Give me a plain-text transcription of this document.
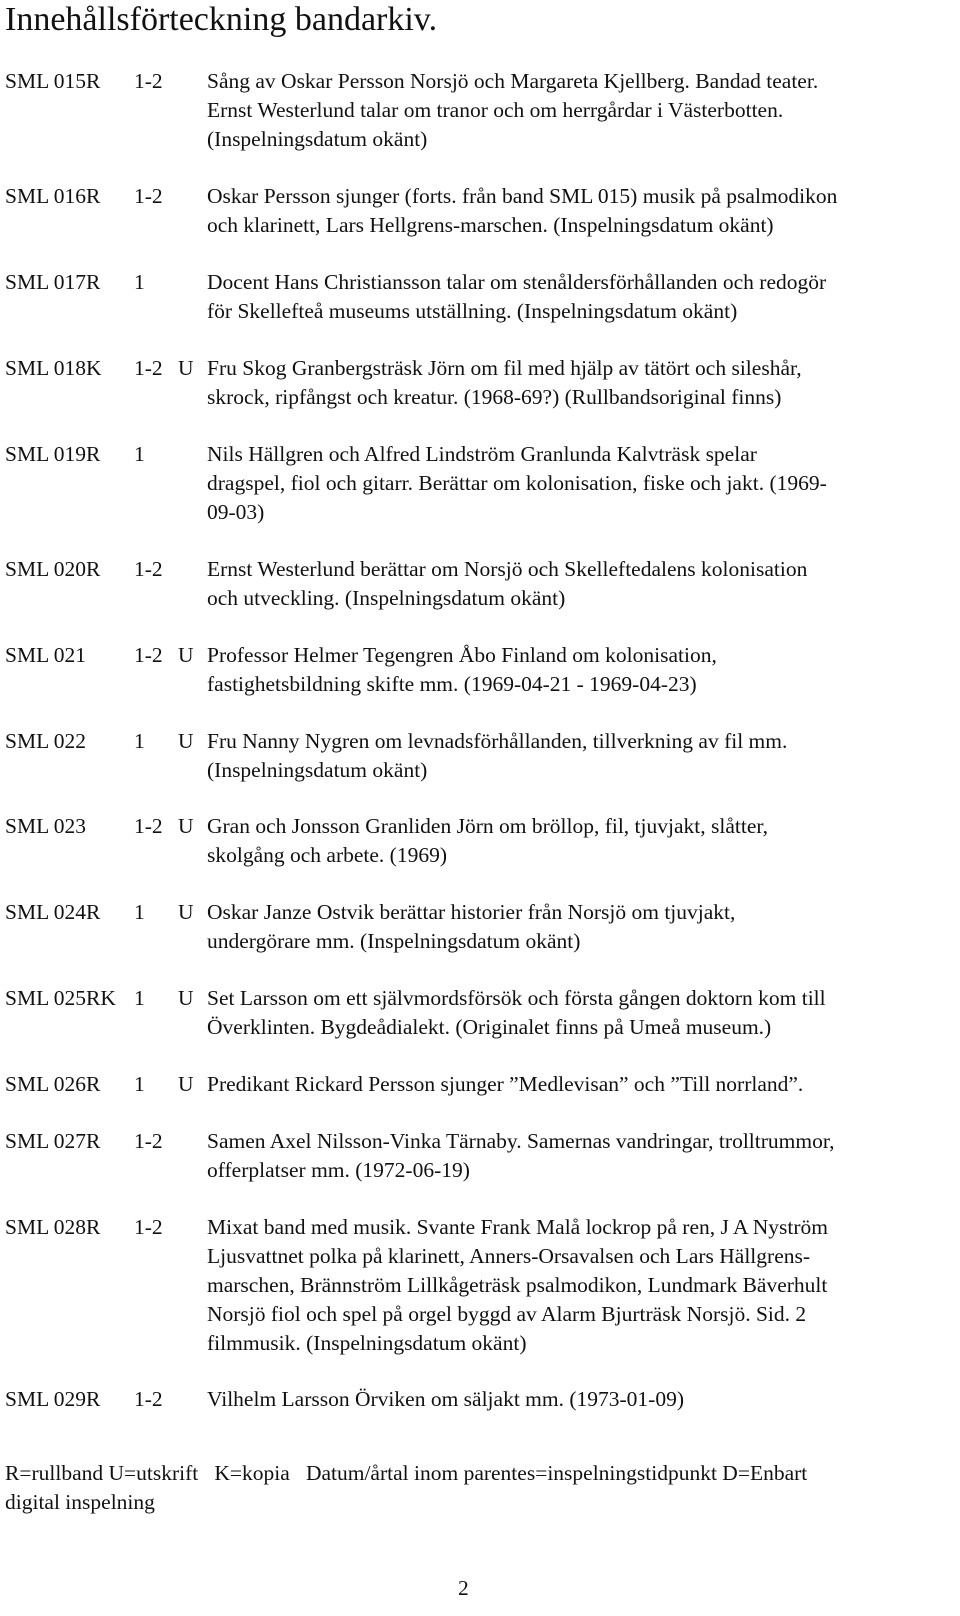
Innehållsförteckning bandarkiv.
SML 015R 1-2 Sång av Oskar Persson Norsjö och Margareta Kjellberg. Bandad teater.
Ernst Westerlund talar om tranor och om herrgårdar i Västerbotten.
(Inspelningsdatum okänt)
SML 016R 1-2 Oskar Persson sjunger (forts. från band SML 015) musik på psalmodikon
och klarinett, Lars Hellgrens-marschen. (Inspelningsdatum okänt)
SML 017R 1	Docent Hans Christiansson talar om stenåldersförhållanden och redogör
för Skellefteå museums utställning. (Inspelningsdatum okänt)
SML 018K 1-2 U Fru Skog Granbergsträsk Jörn om fil med hjälp av tätört och sileshår,
skrock, ripfångst och kreatur. (1968-69?) (Rullbandsoriginal finns)
SML 019R 1	Nils Hällgren och Alfred Lindström Granlunda Kalvträsk spelar
dragspel, fiol och gitarr. Berättar om kolonisation, fiske och jakt. (1969-
09-03)
SML 020R 1-2 Ernst Westerlund berättar om Norsjö och Skelleftedalens kolonisation
och utveckling. (Inspelningsdatum okänt)
SML 021 1-2 U Professor Helmer Tegengren Åbo Finland om kolonisation,
fastighetsbildning skifte mm. (1969-04-21 - 1969-04-23)
SML 022 1 U Fru Nanny Nygren om levnadsförhållanden, tillverkning av fil mm.
(Inspelningsdatum okänt)
SML 023 1-2 U Gran och Jonsson Granliden Jörn om bröllop, fil, tjuvjakt, slåtter,
skolgång och arbete. (1969)
SML 024R 1 U Oskar Janze Ostvik berättar historier från Norsjö om tjuvjakt,
undergörare mm. (Inspelningsdatum okänt)
SML 025RK 1 U Set Larsson om ett självmordsförsök och första gången doktorn kom till
Överklinten. Bygdeådialekt. (Originalet finns på Umeå museum.)
SML 026R 1 U Predikant Rickard Persson sjunger ”Medlevisan” och ”Till norrland”.
SML 027R 1-2 Samen Axel Nilsson-Vinka Tärnaby. Samernas vandringar, trolltrummor,
offerplatser mm. (1972-06-19)
SML 028R 1-2 Mixat band med musik. Svante Frank Malå lockrop på ren, J A Nyström
Ljusvattnet polka på klarinett, Anners-Orsavalsen och Lars Hällgrens-
marschen, Brännström Lillkågeträsk psalmodikon, Lundmark Bäverhult
Norsjö fiol och spel på orgel byggd av Alarm Bjurträsk Norsjö. Sid. 2
filmmusik. (Inspelningsdatum okänt)
SML 029R 1-2 Vilhelm Larsson Örviken om säljakt mm. (1973-01-09)
R=rullband U=utskrift K=kopia Datum/årtal inom parentes=inspelningstidpunkt D=Enbart
digital inspelning
2
